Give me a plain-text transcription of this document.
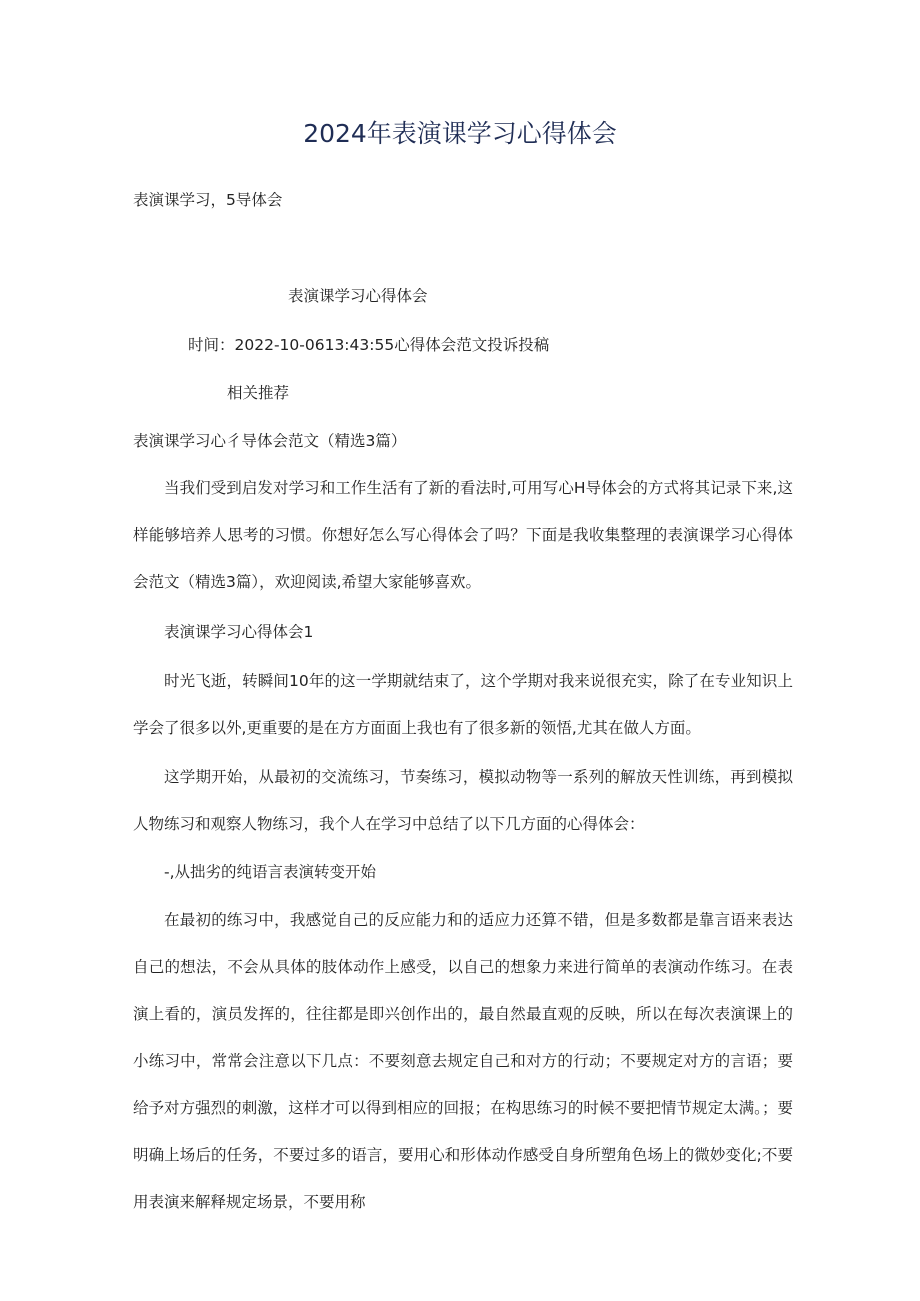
2024年表演课学习心得体会
表演课学习，5导体会
表演课学习心得体会
时间：2022-10-0613:43:55心得体会范文投诉投稿
相关推荐
表演课学习心彳导体会范文（精选3篇）

当我们受到启发对学习和工作生活有了新的看法时,可用写心H导体会的方式将其记录下来,这样能够培养人思考的习惯。你想好怎么写心得体会了吗？下面是我收集整理的表演课学习心得体会范文（精选3篇），欢迎阅读,希望大家能够喜欢。

表演课学习心得体会1

时光飞逝，转瞬间10年的这一学期就结束了，这个学期对我来说很充实，除了在专业知识上学会了很多以外,更重要的是在方方面面上我也有了很多新的领悟,尤其在做人方面。

这学期开始，从最初的交流练习，节奏练习，模拟动物等一系列的解放天性训练，再到模拟人物练习和观察人物练习，我个人在学习中总结了以下几方面的心得体会：

-,从拙劣的纯语言表演转变开始

在最初的练习中，我感觉自己的反应能力和的适应力还算不错，但是多数都是靠言语来表达自己的想法，不会从具体的肢体动作上感受，以自己的想象力来进行简单的表演动作练习。在表演上看的，演员发挥的，往往都是即兴创作出的，最自然最直观的反映，所以在每次表演课上的小练习中，常常会注意以下几点：不要刻意去规定自己和对方的行动；不要规定对方的言语；要给予对方强烈的刺激，这样才可以得到相应的回报；在构思练习的时候不要把情节规定太满。；要明确上场后的任务，不要过多的语言，要用心和形体动作感受自身所塑角色场上的微妙变化;不要用表演来解释规定场景，不要用称
